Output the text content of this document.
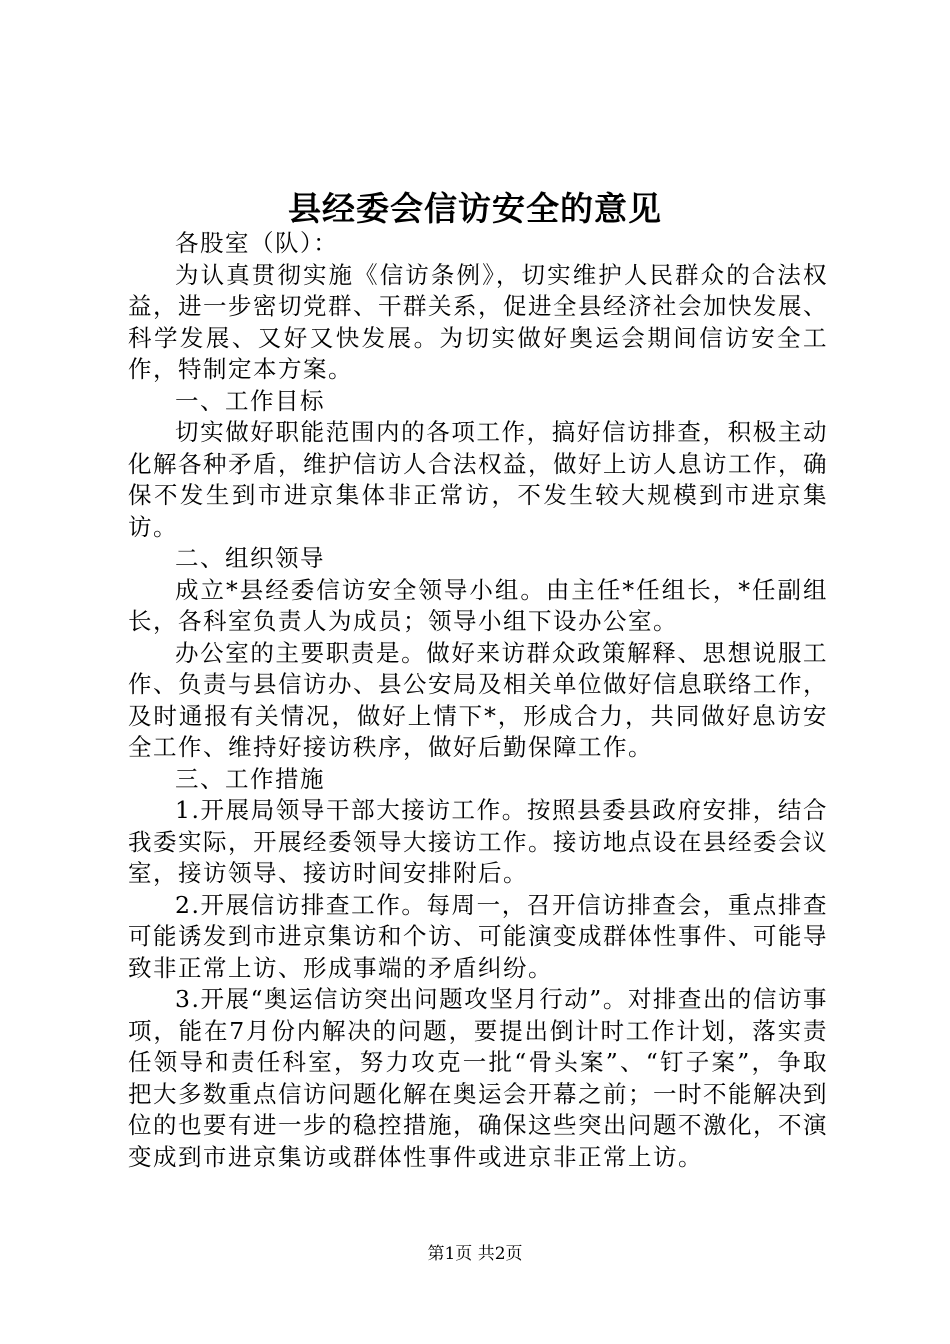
县经委会信访安全的意见

各股室（队）：

为认真贯彻实施《信访条例》，切实维护人民群众的合法权益，进一步密切党群、干群关系，促进全县经济社会加快发展、科学发展、又好又快发展。为切实做好奥运会期间信访安全工作，特制定本方案。

一、工作目标

切实做好职能范围内的各项工作，搞好信访排查，积极主动化解各种矛盾，维护信访人合法权益，做好上访人息访工作，确保不发生到市进京集体非正常访，不发生较大规模到市进京集访。

二、组织领导

成立*县经委信访安全领导小组。由主任*任组长，*任副组长，各科室负责人为成员；领导小组下设办公室。

办公室的主要职责是。做好来访群众政策解释、思想说服工作、负责与县信访办、县公安局及相关单位做好信息联络工作，及时通报有关情况，做好上情下*，形成合力，共同做好息访安全工作、维持好接访秩序，做好后勤保障工作。

三、工作措施

1.开展局领导干部大接访工作。按照县委县政府安排，结合我委实际，开展经委领导大接访工作。接访地点设在县经委会议室，接访领导、接访时间安排附后。

2.开展信访排查工作。每周一，召开信访排查会，重点排查可能诱发到市进京集访和个访、可能演变成群体性事件、可能导致非正常上访、形成事端的矛盾纠纷。

3.开展“奥运信访突出问题攻坚月行动”。对排查出的信访事项，能在7月份内解决的问题，要提出倒计时工作计划，落实责任领导和责任科室，努力攻克一批“骨头案”、“钉子案”，争取把大多数重点信访问题化解在奥运会开幕之前；一时不能解决到位的也要有进一步的稳控措施，确保这些突出问题不激化，不演变成到市进京集访或群体性事件或进京非正常上访。

第1页 共2页
